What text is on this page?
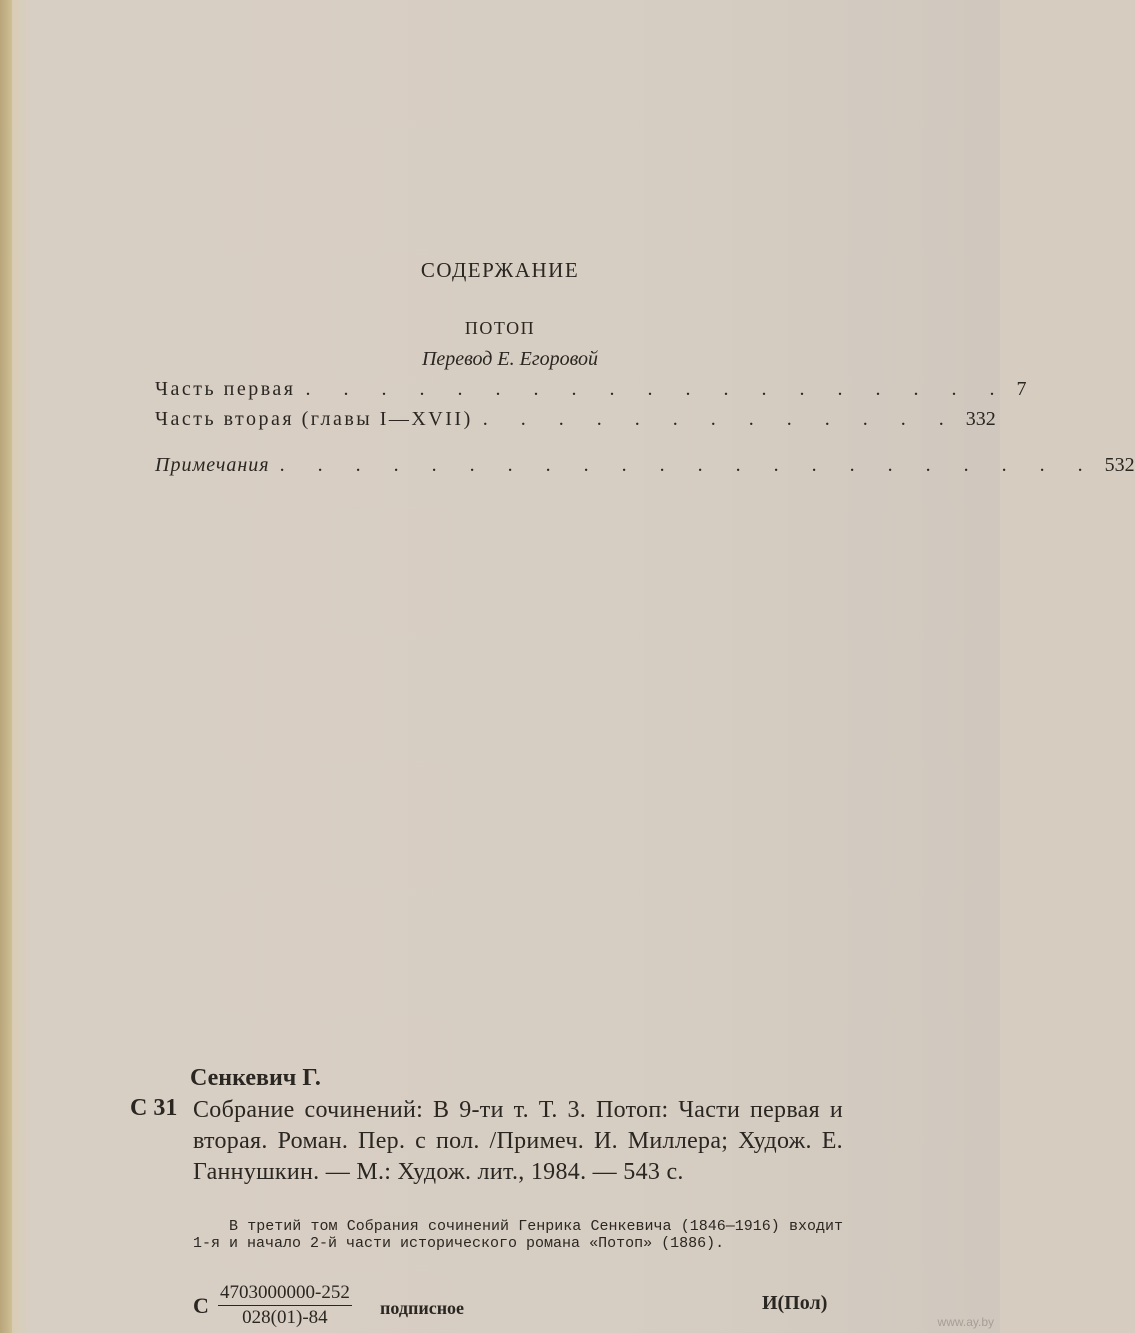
СОДЕРЖАНИЕ
ПОТОП
Перевод Е. Егоровой
Часть первая . . . . . . . . . . . . . . . . . . . 7
Часть вторая (главы I—XVII) . . . . . . . . . . . . . 332
Примечания . . . . . . . . . . . . . . . . . . . . . . 532
Сенкевич Г.
С 31 Собрание сочинений: В 9-ти т. Т. 3. Потоп: Части первая и вторая. Роман. Пер. с пол. /Примеч. И. Миллера; Худож. Е. Ганнушкин. — М.: Худож. лит., 1984. — 543 с.
В третий том Собрания сочинений Генрика Сенкевича (1846—1916) входит 1-я и начало 2-й части исторического романа «Потоп» (1886).
С $\frac{4703000000-252}{028(01)-84}$ подписное	И(Пол)
www.ay.by
